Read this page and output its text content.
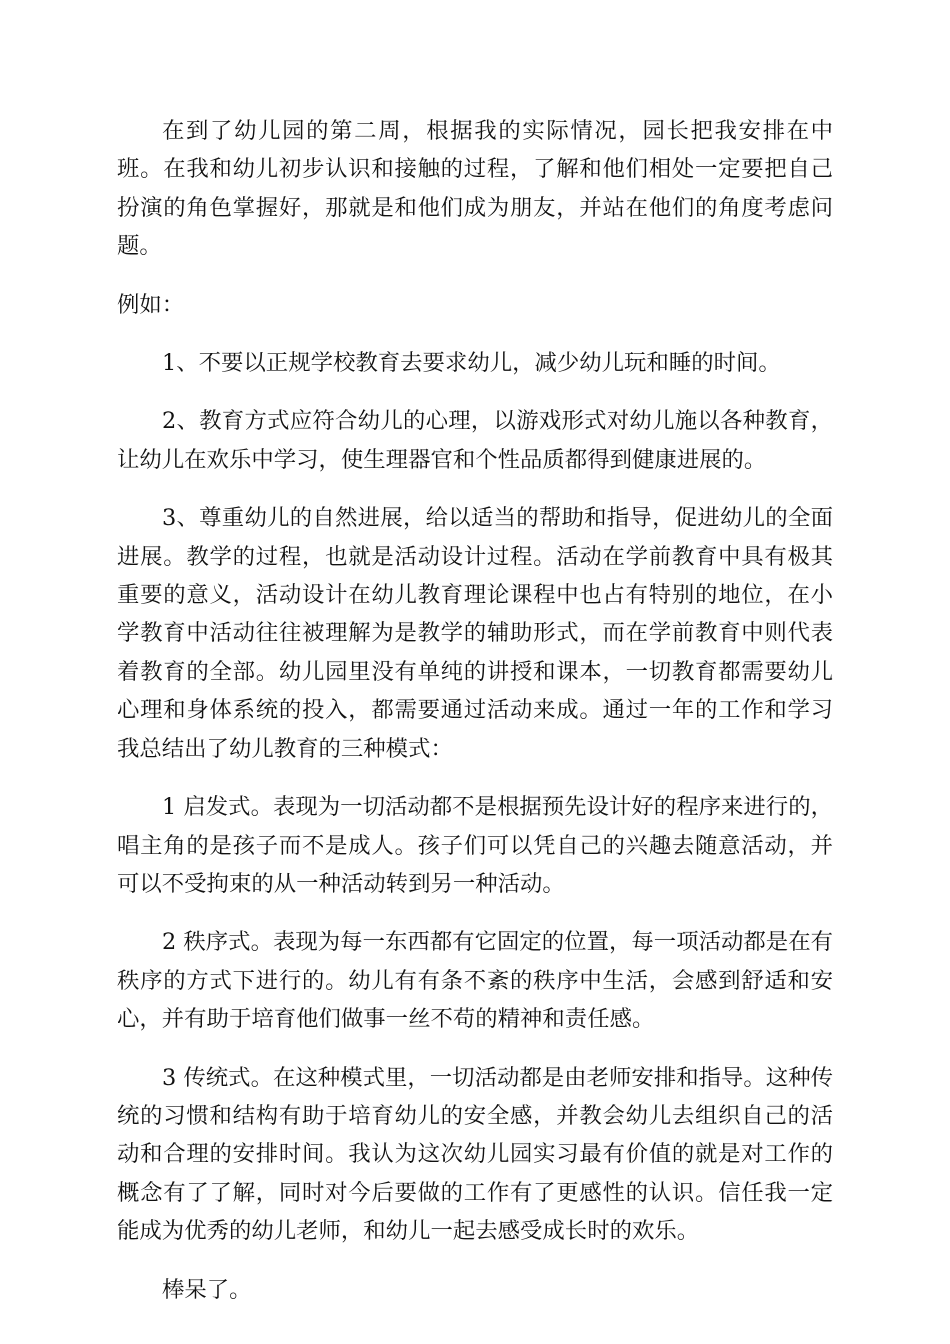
在到了幼儿园的第二周，根据我的实际情况，园长把我安排在中班。在我和幼儿初步认识和接触的过程，了解和他们相处一定要把自己扮演的角色掌握好，那就是和他们成为朋友，并站在他们的角度考虑问题。

例如：

1、不要以正规学校教育去要求幼儿，减少幼儿玩和睡的时间。

2、教育方式应符合幼儿的心理，以游戏形式对幼儿施以各种教育，让幼儿在欢乐中学习，使生理器官和个性品质都得到健康进展的。

3、尊重幼儿的自然进展，给以适当的帮助和指导，促进幼儿的全面进展。教学的过程，也就是活动设计过程。活动在学前教育中具有极其重要的意义，活动设计在幼儿教育理论课程中也占有特别的地位，在小学教育中活动往往被理解为是教学的辅助形式，而在学前教育中则代表着教育的全部。幼儿园里没有单纯的讲授和课本，一切教育都需要幼儿心理和身体系统的投入，都需要通过活动来成。通过一年的工作和学习我总结出了幼儿教育的三种模式：

1 启发式。表现为一切活动都不是根据预先设计好的程序来进行的，唱主角的是孩子而不是成人。孩子们可以凭自己的兴趣去随意活动，并可以不受拘束的从一种活动转到另一种活动。

2 秩序式。表现为每一东西都有它固定的位置，每一项活动都是在有秩序的方式下进行的。幼儿有有条不紊的秩序中生活，会感到舒适和安心，并有助于培育他们做事一丝不苟的精神和责任感。

3 传统式。在这种模式里，一切活动都是由老师安排和指导。这种传统的习惯和结构有助于培育幼儿的安全感，并教会幼儿去组织自己的活动和合理的安排时间。我认为这次幼儿园实习最有价值的就是对工作的概念有了了解，同时对今后要做的工作有了更感性的认识。信任我一定能成为优秀的幼儿老师，和幼儿一起去感受成长时的欢乐。

棒呆了。
